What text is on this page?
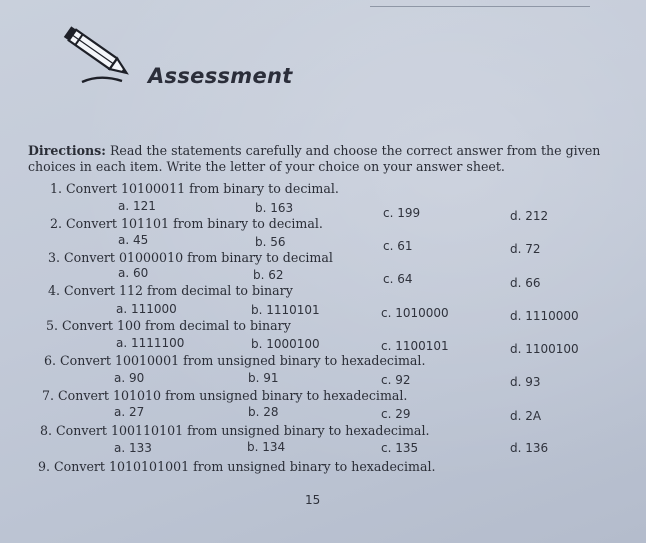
Assessment
Directions: Read the statements carefully and choose the correct answer from the given choices in each item. Write the letter of your choice on your answer sheet.
1. Convert 10100011 from binary to decimal.
a. 121	b. 163	c. 199	d. 212
2. Convert 101101 from binary to decimal.
a. 45	b. 56	c. 61	d. 72
3. Convert 01000010 from binary to decimal
a. 60	b. 62	c. 64	d. 66
4. Convert 112 from decimal to binary
a. 111000	b. 1110101	c. 1010000	d. 1110000
5. Convert 100 from decimal to binary
a. 1111100	b. 1000100	c. 1100101	d. 1100100
6. Convert 10010001 from unsigned binary to hexadecimal.
a. 90	b. 91	c. 92	d. 93
7. Convert 101010 from unsigned binary to hexadecimal.
a. 27	b. 28	c. 29	d. 2A
8. Convert 100110101 from unsigned binary to hexadecimal.
a. 133	b. 134	c. 135	d. 136
9. Convert 1010101001 from unsigned binary to hexadecimal.
15
